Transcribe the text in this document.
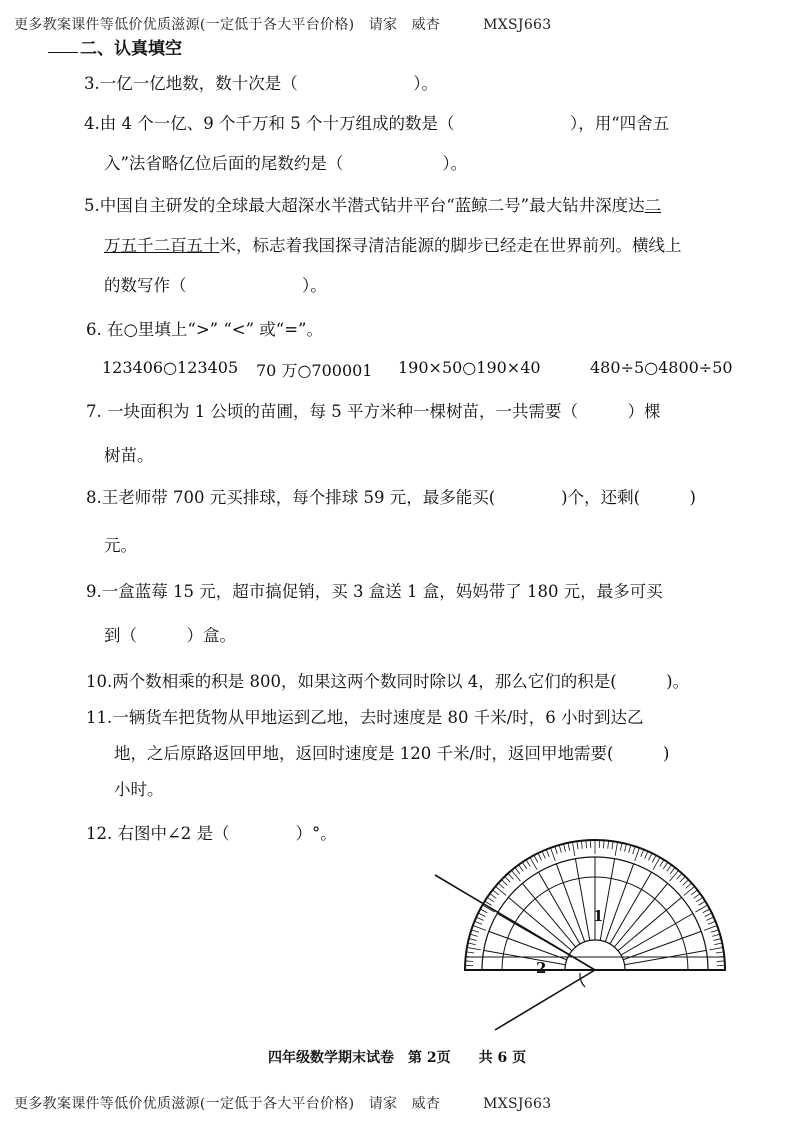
更多教案课件等低价优质滋源(一定低于各大平台价格)　请家　威杏　　　MXSJ663
二、认真填空
3.一亿一亿地数，数十次是（　　　　　　　）。
4.由 4 个一亿、9 个千万和 5 个十万组成的数是（　　　　　　　），用“四舍五
入”法省略亿位后面的尾数约是（　　　　　　）。
5.中国自主研发的全球最大超深水半潜式钻井平台“蓝鲸二号”最大钻井深度达二
万五千二百五十米，标志着我国探寻清洁能源的脚步已经走在世界前列。横线上
的数写作（　　　　　　　）。
6. 在○里填上“>” “<” 或“=”。
123406○123405 70 万○700001 190×50○190×40	480÷5○4800÷50
7. 一块面积为 1 公顷的苗圃，每 5 平方米种一棵树苗，一共需要（　　　）棵
树苗。
8.王老师带 700 元买排球，每个排球 59 元，最多能买(　　　　)个，还剩(　　　)
元。
9.一盒蓝莓 15 元，超市搞促销，买 3 盒送 1 盒，妈妈带了 180 元，最多可买
到（　　　）盒。
10.两个数相乘的积是 800，如果这两个数同时除以 4，那么它们的积是(　　　)。
11.一辆货车把货物从甲地运到乙地，去时速度是 80 千米/时，6 小时到达乙
地，之后原路返回甲地，返回时速度是 120 千米/时，返回甲地需要(　　　)
小时。
12. 右图中∠2 是（　　　　）°。
1
2
四年级数学期末试卷　第 2页　　共 6 页
更多教案课件等低价优质滋源(一定低于各大平台价格)　请家　威杏　　　MXSJ663
